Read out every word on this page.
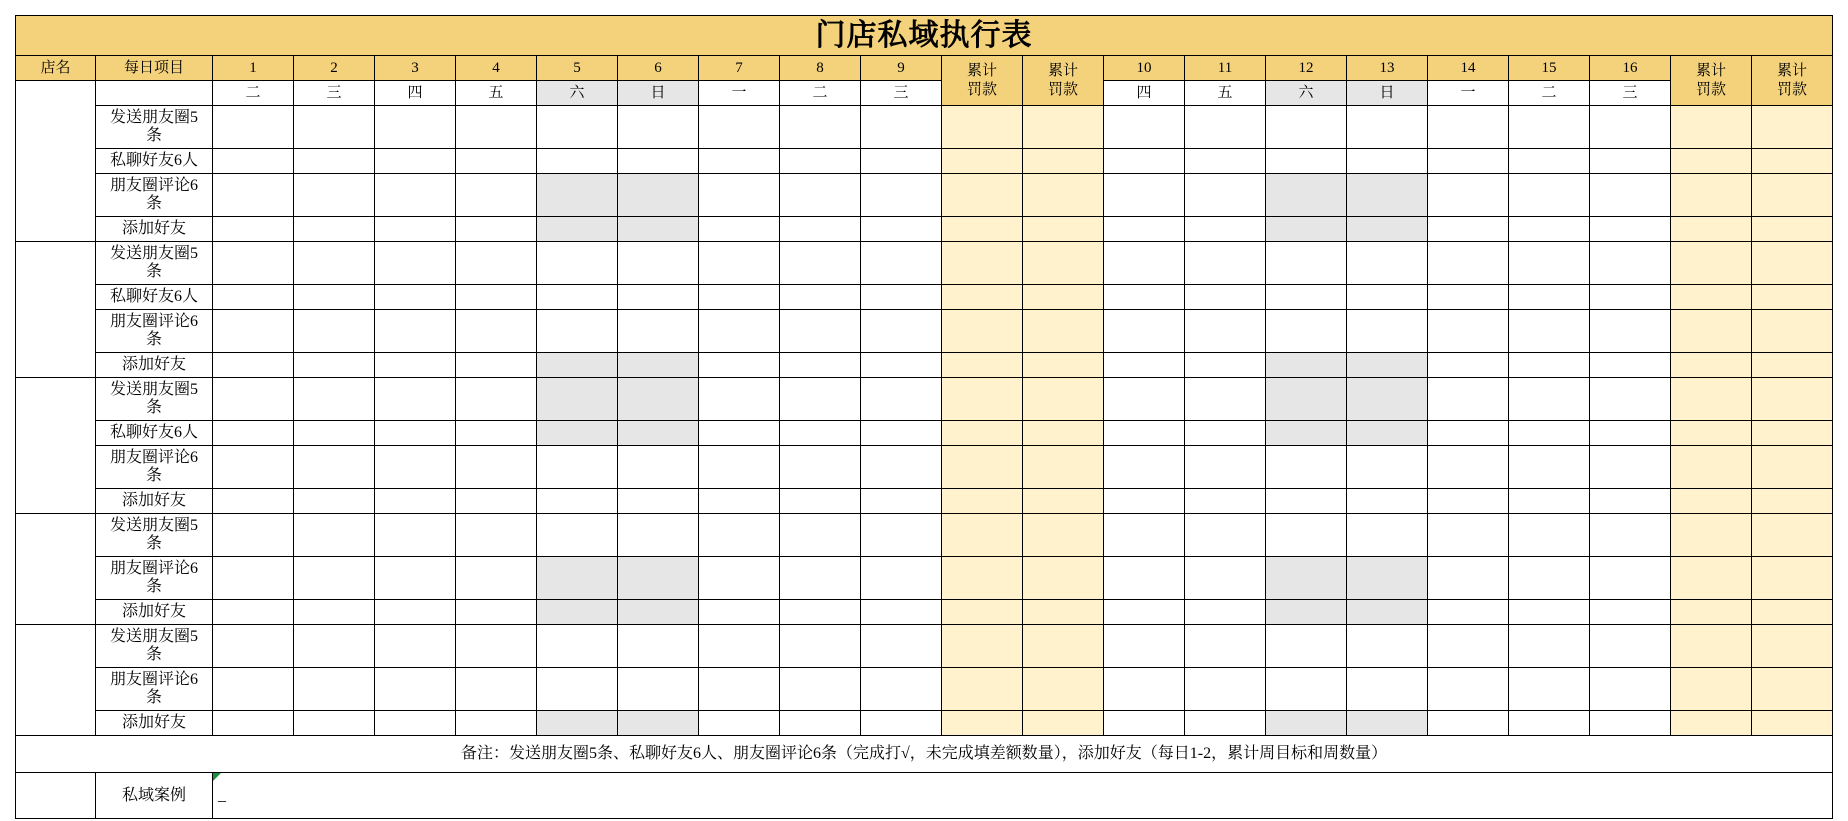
门店私域执行表																					
店名	每日项目	1	2	3	4	5	6	7	8	9	累计罚款	累计罚款	10	11	12	13	14	15	16	累计罚款	累计罚款
		二	三	四	五	六	日	一	二	三			四	五	六	日	一	二	三		
	发送朋友圈5条																				
	私聊好友6人																				
	朋友圈评论6条																				
	添加好友																				
	发送朋友圈5条																				
	私聊好友6人																				
	朋友圈评论6条																				
	添加好友																				
	发送朋友圈5条																				
	私聊好友6人																				
	朋友圈评论6条																				
	添加好友																				
	发送朋友圈5条																				
	朋友圈评论6条																				
	添加好友																				
	发送朋友圈5条																				
	朋友圈评论6条																				
	添加好友																				
备注：发送朋友圈5条、私聊好友6人、朋友圈评论6条（完成打√，未完成填差额数量），添加好友（每日1-2，累计周目标和周数量）																					
	私域案例	_																			
